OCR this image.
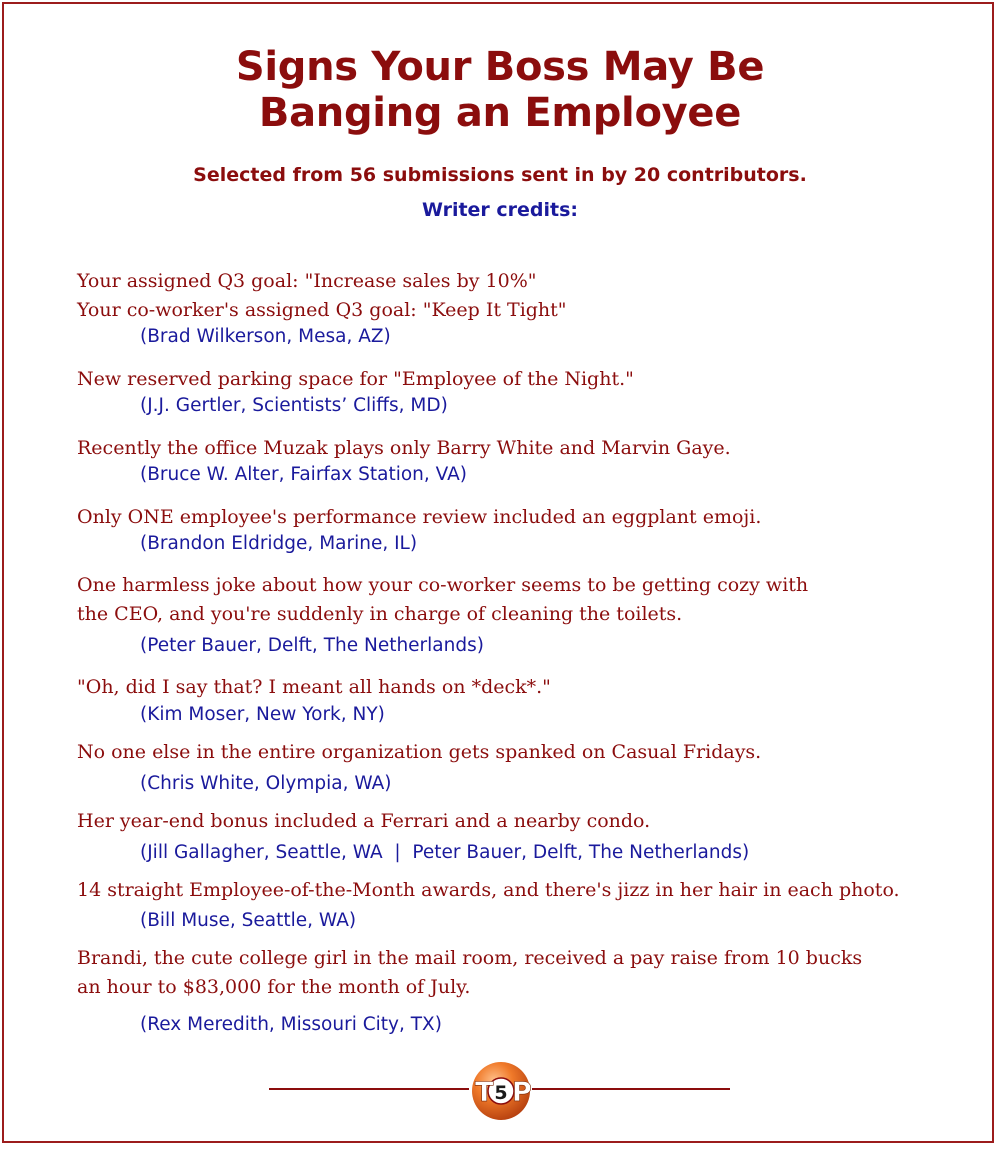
Signs Your Boss May Be
Banging an Employee
Selected from 56 submissions sent in by 20 contributors.
Writer credits:
Your assigned Q3 goal: "Increase sales by 10%"
Your co-worker's assigned Q3 goal: "Keep It Tight"
(Brad Wilkerson, Mesa, AZ)
New reserved parking space for "Employee of the Night."
(J.J. Gertler, Scientists’ Cliffs, MD)
Recently the office Muzak plays only Barry White and Marvin Gaye.
(Bruce W. Alter, Fairfax Station, VA)
Only ONE employee's performance review included an eggplant emoji.
(Brandon Eldridge, Marine, IL)
One harmless joke about how your co-worker seems to be getting cozy with
the CEO, and you're suddenly in charge of cleaning the toilets.
(Peter Bauer, Delft, The Netherlands)
"Oh, did I say that? I meant all hands on *deck*."
(Kim Moser, New York, NY)
No one else in the entire organization gets spanked on Casual Fridays.
(Chris White, Olympia, WA)
Her year-end bonus included a Ferrari and a nearby condo.
(Jill Gallagher, Seattle, WA  |  Peter Bauer, Delft, The Netherlands)
14 straight Employee-of-the-Month awards, and there's jizz in her hair in each photo.
(Bill Muse, Seattle, WA)
Brandi, the cute college girl in the mail room, received a pay raise from 10 bucks
an hour to $83,000 for the month of July.
(Rex Meredith, Missouri City, TX)
T 5 P
